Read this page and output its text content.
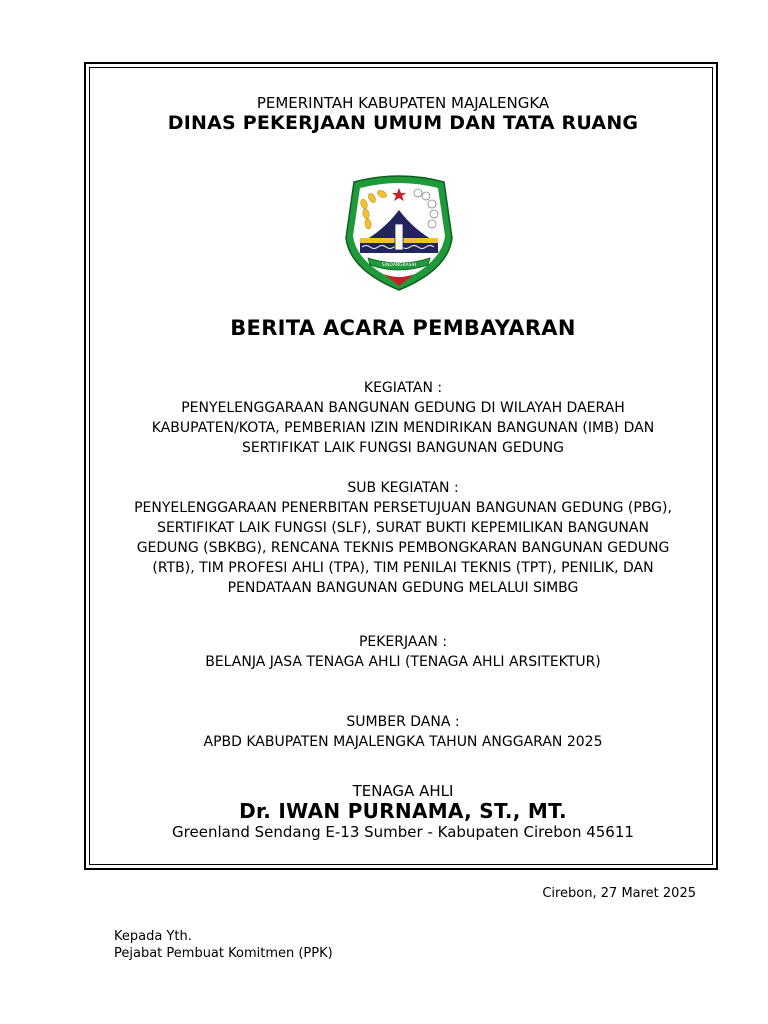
PEMERINTAH KABUPATEN MAJALENGKA
DINAS PEKERJAAN UMUM DAN TATA RUANG
SINDANGKASIH
BERITA ACARA PEMBAYARAN
KEGIATAN :
PENYELENGGARAAN BANGUNAN GEDUNG DI WILAYAH DAERAH
KABUPATEN/KOTA, PEMBERIAN IZIN MENDIRIKAN BANGUNAN (IMB) DAN
SERTIFIKAT LAIK FUNGSI BANGUNAN GEDUNG
SUB KEGIATAN :
PENYELENGGARAAN PENERBITAN PERSETUJUAN BANGUNAN GEDUNG (PBG),
SERTIFIKAT LAIK FUNGSI (SLF), SURAT BUKTI KEPEMILIKAN BANGUNAN
GEDUNG (SBKBG), RENCANA TEKNIS PEMBONGKARAN BANGUNAN GEDUNG
(RTB), TIM PROFESI AHLI (TPA), TIM PENILAI TEKNIS (TPT), PENILIK, DAN
PENDATAAN BANGUNAN GEDUNG MELALUI SIMBG
PEKERJAAN :
BELANJA JASA TENAGA AHLI (TENAGA AHLI ARSITEKTUR)
SUMBER DANA :
APBD KABUPATEN MAJALENGKA TAHUN ANGGARAN 2025
TENAGA AHLI
Dr. IWAN PURNAMA, ST., MT.
Greenland Sendang E-13 Sumber - Kabupaten Cirebon 45611
Cirebon, 27 Maret 2025
Kepada Yth.
Pejabat Pembuat Komitmen (PPK)
